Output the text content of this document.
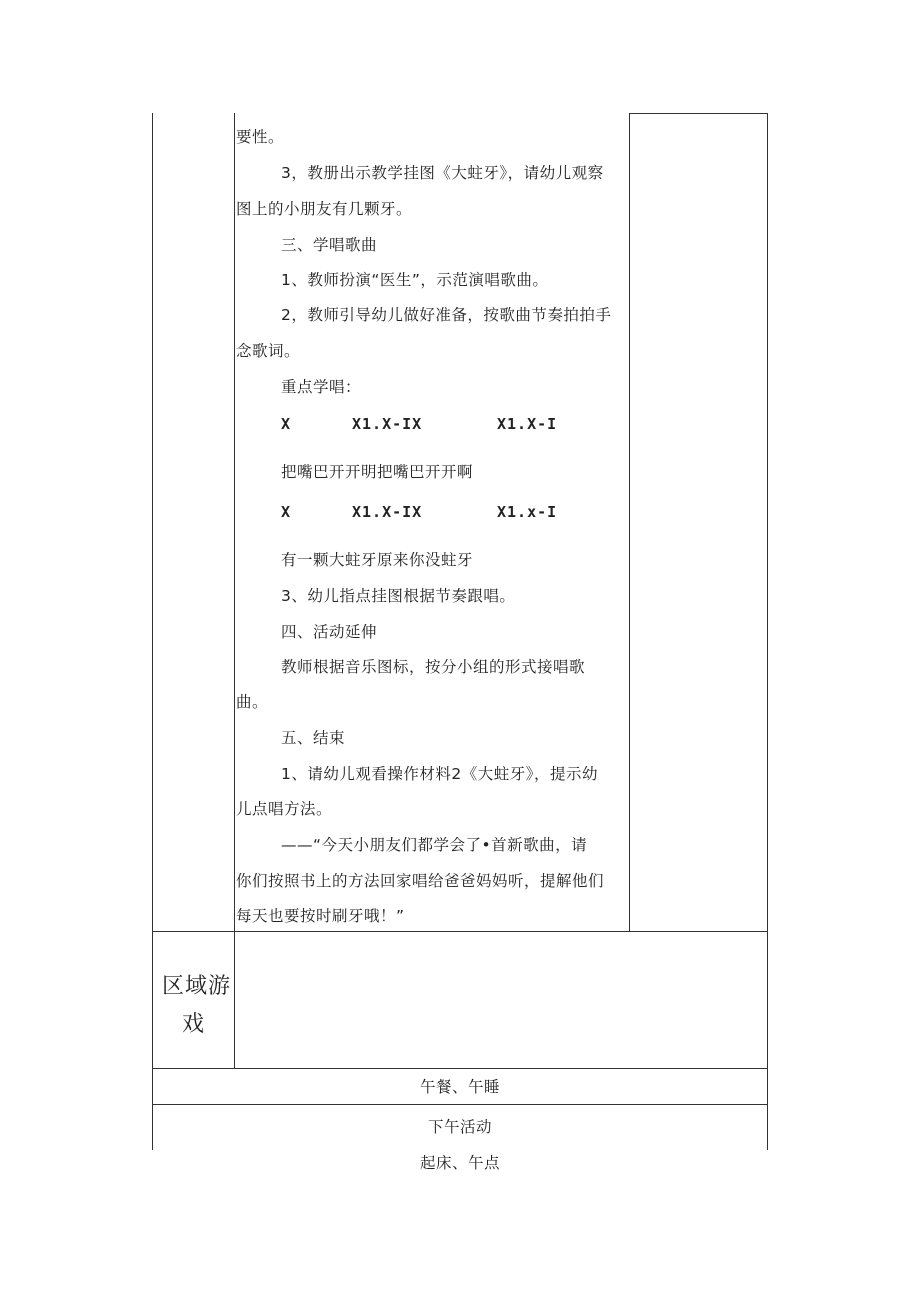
要性。
3，教册出示教学挂图《大蛀牙》，请幼儿观察
图上的小朋友有几颗牙。
三、学唱歌曲
1、教师扮演“医生”，示范演唱歌曲。
2，教师引导幼儿做好准备，按歌曲节奏拍拍手
念歌词。
重点学唱：
X	X1.X-IX	X1.X-I
把嘴巴开开明把嘴巴开开啊
X	X1.X-IX	X1.x-I
有一颗大蛀牙原来你没蛀牙
3、幼儿指点挂图根据节奏跟唱。
四、活动延伸
教师根据音乐图标，按分小组的形式接唱歌
曲。
五、结束
1、请幼儿观看操作材料2《大蛀牙》，提示幼
儿点唱方法。
——“今天小朋友们都学会了•首新歌曲，请
你们按照书上的方法回家唱给爸爸妈妈听，提解他们
每天也要按时刷牙哦！”
区域游
戏
午餐、午睡
下午活动
起床、午点
